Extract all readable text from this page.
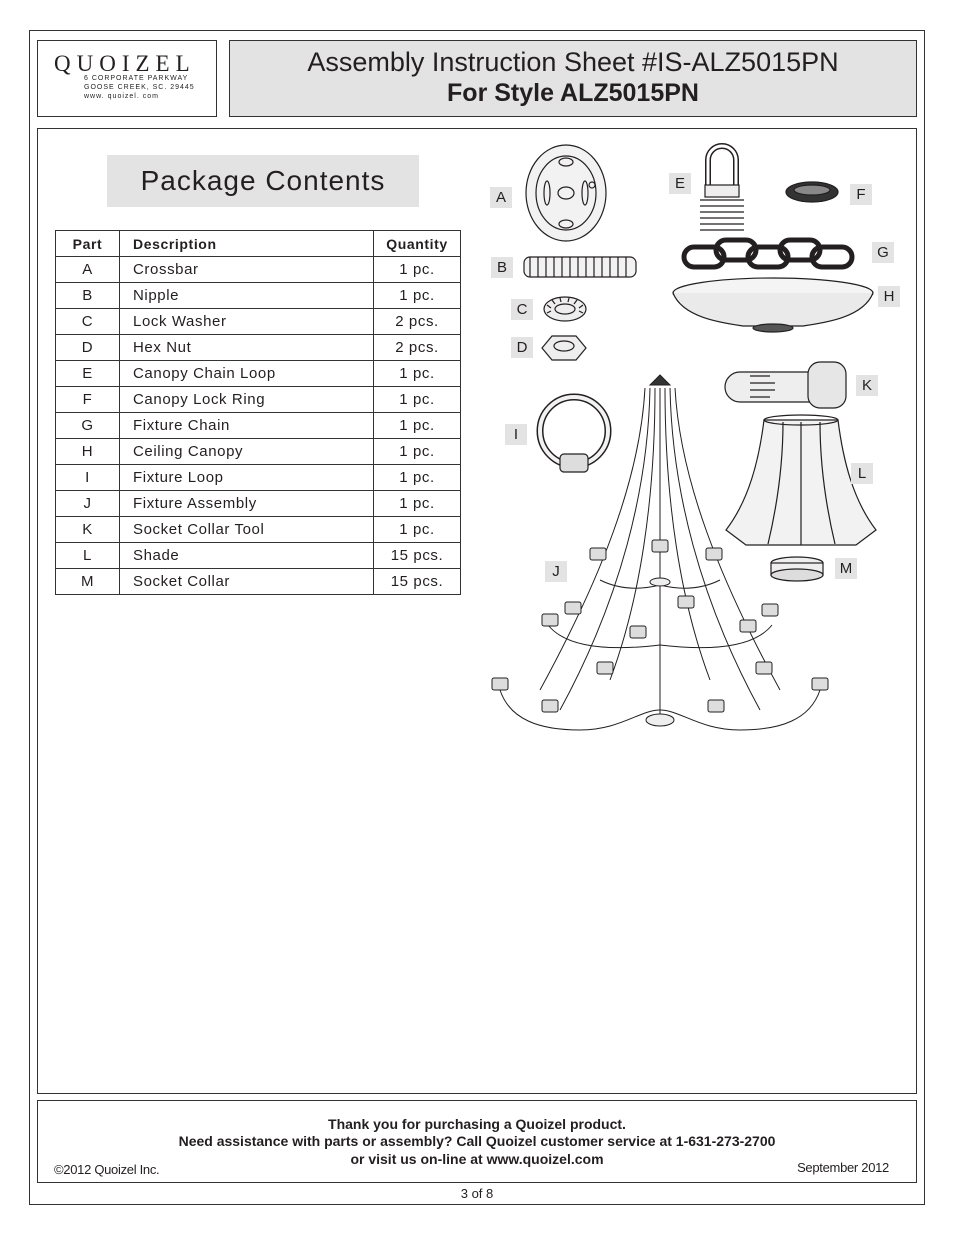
QUOIZEL
6 CORPORATE PARKWAY
GOOSE CREEK, SC. 29445
www. quoizel. com
Assembly Instruction Sheet #IS-ALZ5015PN
For Style ALZ5015PN
Package Contents
Part	Description	Quantity
A	Crossbar	1 pc.
B	Nipple	1 pc.
C	Lock Washer	2 pcs.
D	Hex Nut	2 pcs.
E	Canopy Chain Loop	1 pc.
F	Canopy Lock Ring	1 pc.
G	Fixture Chain	1 pc.
H	Ceiling Canopy	1 pc.
I	Fixture Loop	1 pc.
J	Fixture Assembly	1 pc.
K	Socket Collar Tool	1 pc.
L	Shade	15 pcs.
M	Socket Collar	15 pcs.
A
B
C
D
E
F
G
H
I
J
K
L
M
Thank you for purchasing a Quoizel product.
Need assistance with parts or assembly? Call Quoizel customer service at 1-631-273-2700
or visit us on-line at www.quoizel.com
©2012 Quoizel Inc.	September 2012
3 of 8
